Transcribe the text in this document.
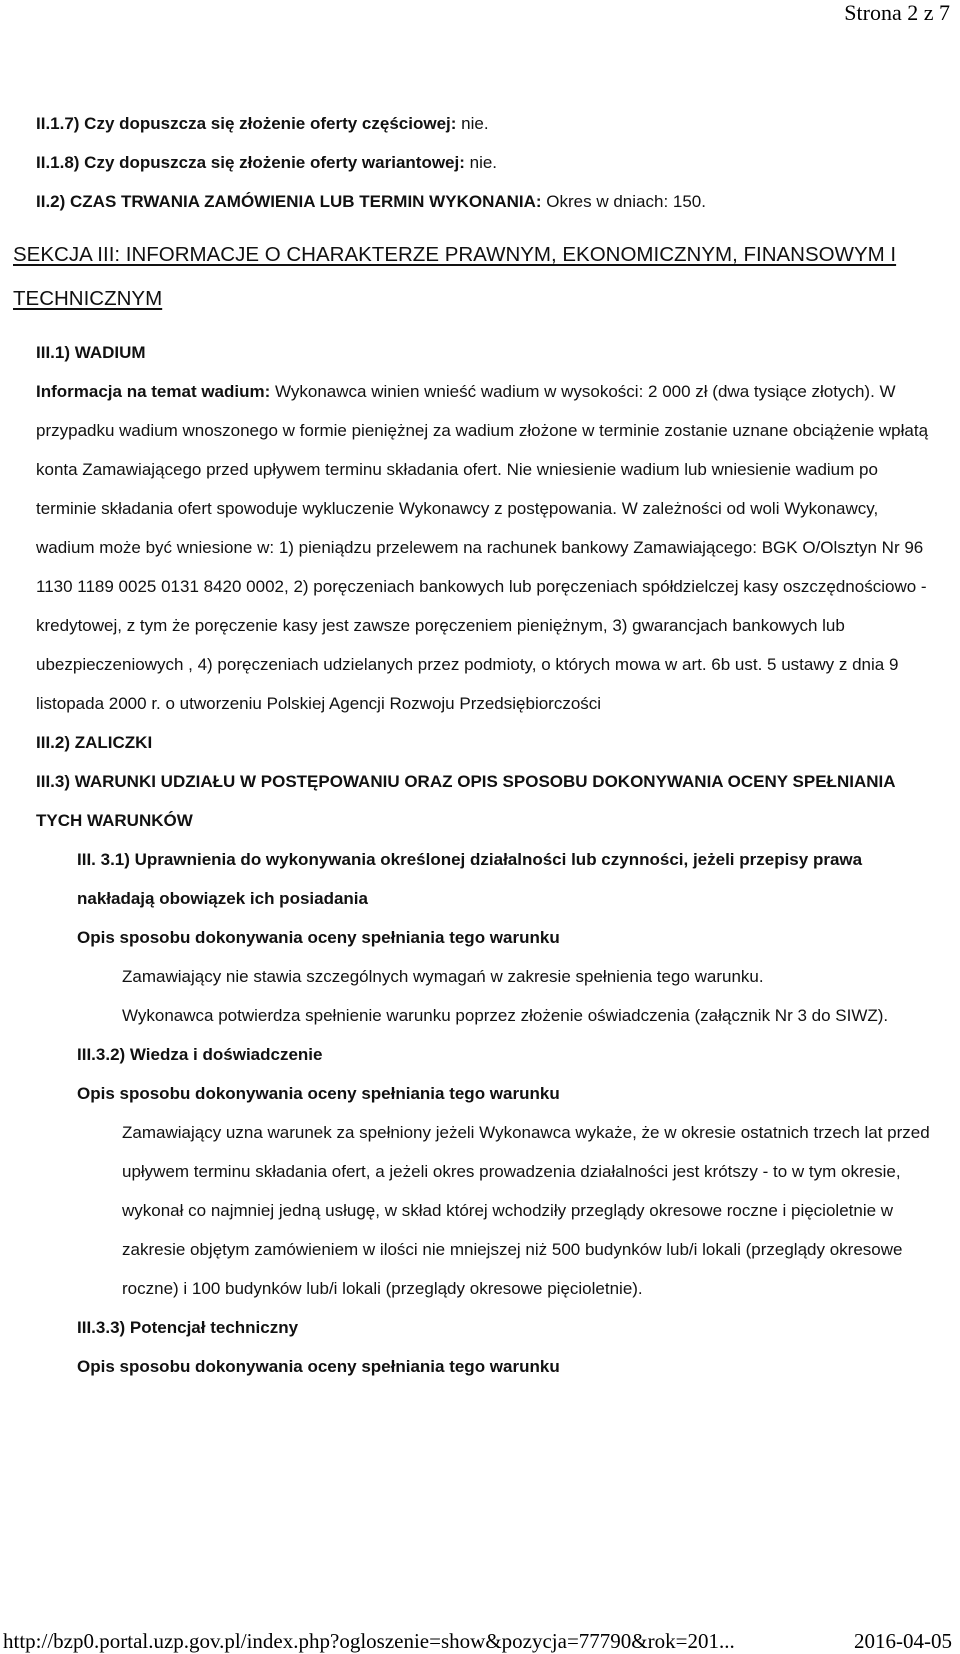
Strona 2 z 7

II.1.7) Czy dopuszcza się złożenie oferty częściowej: nie.

II.1.8) Czy dopuszcza się złożenie oferty wariantowej: nie.

II.2) CZAS TRWANIA ZAMÓWIENIA LUB TERMIN WYKONANIA: Okres w dniach: 150.

SEKCJA III: INFORMACJE O CHARAKTERZE PRAWNYM, EKONOMICZNYM, FINANSOWYM I TECHNICZNYM

III.1) WADIUM

Informacja na temat wadium: Wykonawca winien wnieść wadium w wysokości: 2 000 zł (dwa tysiące złotych). W przypadku wadium wnoszonego w formie pieniężnej za wadium złożone w terminie zostanie uznane obciążenie wpłatą konta Zamawiającego przed upływem terminu składania ofert. Nie wniesienie wadium lub wniesienie wadium po terminie składania ofert spowoduje wykluczenie Wykonawcy z postępowania. W zależności od woli Wykonawcy, wadium może być wniesione w: 1) pieniądzu przelewem na rachunek bankowy Zamawiającego: BGK O/Olsztyn Nr 96 1130 1189 0025 0131 8420 0002, 2) poręczeniach bankowych lub poręczeniach spółdzielczej kasy oszczędnościowo - kredytowej, z tym że poręczenie kasy jest zawsze poręczeniem pieniężnym, 3) gwarancjach bankowych lub ubezpieczeniowych , 4) poręczeniach udzielanych przez podmioty, o których mowa w art. 6b ust. 5 ustawy z dnia 9 listopada 2000 r. o utworzeniu Polskiej Agencji Rozwoju Przedsiębiorczości

III.2) ZALICZKI

III.3) WARUNKI UDZIAŁU W POSTĘPOWANIU ORAZ OPIS SPOSOBU DOKONYWANIA OCENY SPEŁNIANIA TYCH WARUNKÓW

III. 3.1) Uprawnienia do wykonywania określonej działalności lub czynności, jeżeli przepisy prawa nakładają obowiązek ich posiadania

Opis sposobu dokonywania oceny spełniania tego warunku

Zamawiający nie stawia szczególnych wymagań w zakresie spełnienia tego warunku.

Wykonawca potwierdza spełnienie warunku poprzez złożenie oświadczenia (załącznik Nr 3 do SIWZ).

III.3.2) Wiedza i doświadczenie

Opis sposobu dokonywania oceny spełniania tego warunku

Zamawiający uzna warunek za spełniony jeżeli Wykonawca wykaże, że w okresie ostatnich trzech lat przed upływem terminu składania ofert, a jeżeli okres prowadzenia działalności jest krótszy - to w tym okresie, wykonał co najmniej jedną usługę, w skład której wchodziły przeglądy okresowe roczne i pięcioletnie w zakresie objętym zamówieniem w ilości nie mniejszej niż 500 budynków lub/i lokali (przeglądy okresowe roczne) i 100 budynków lub/i lokali (przeglądy okresowe pięcioletnie).

III.3.3) Potencjał techniczny

Opis sposobu dokonywania oceny spełniania tego warunku

http://bzp0.portal.uzp.gov.pl/index.php?ogloszenie=show&pozycja=77790&rok=201...	2016-04-05
